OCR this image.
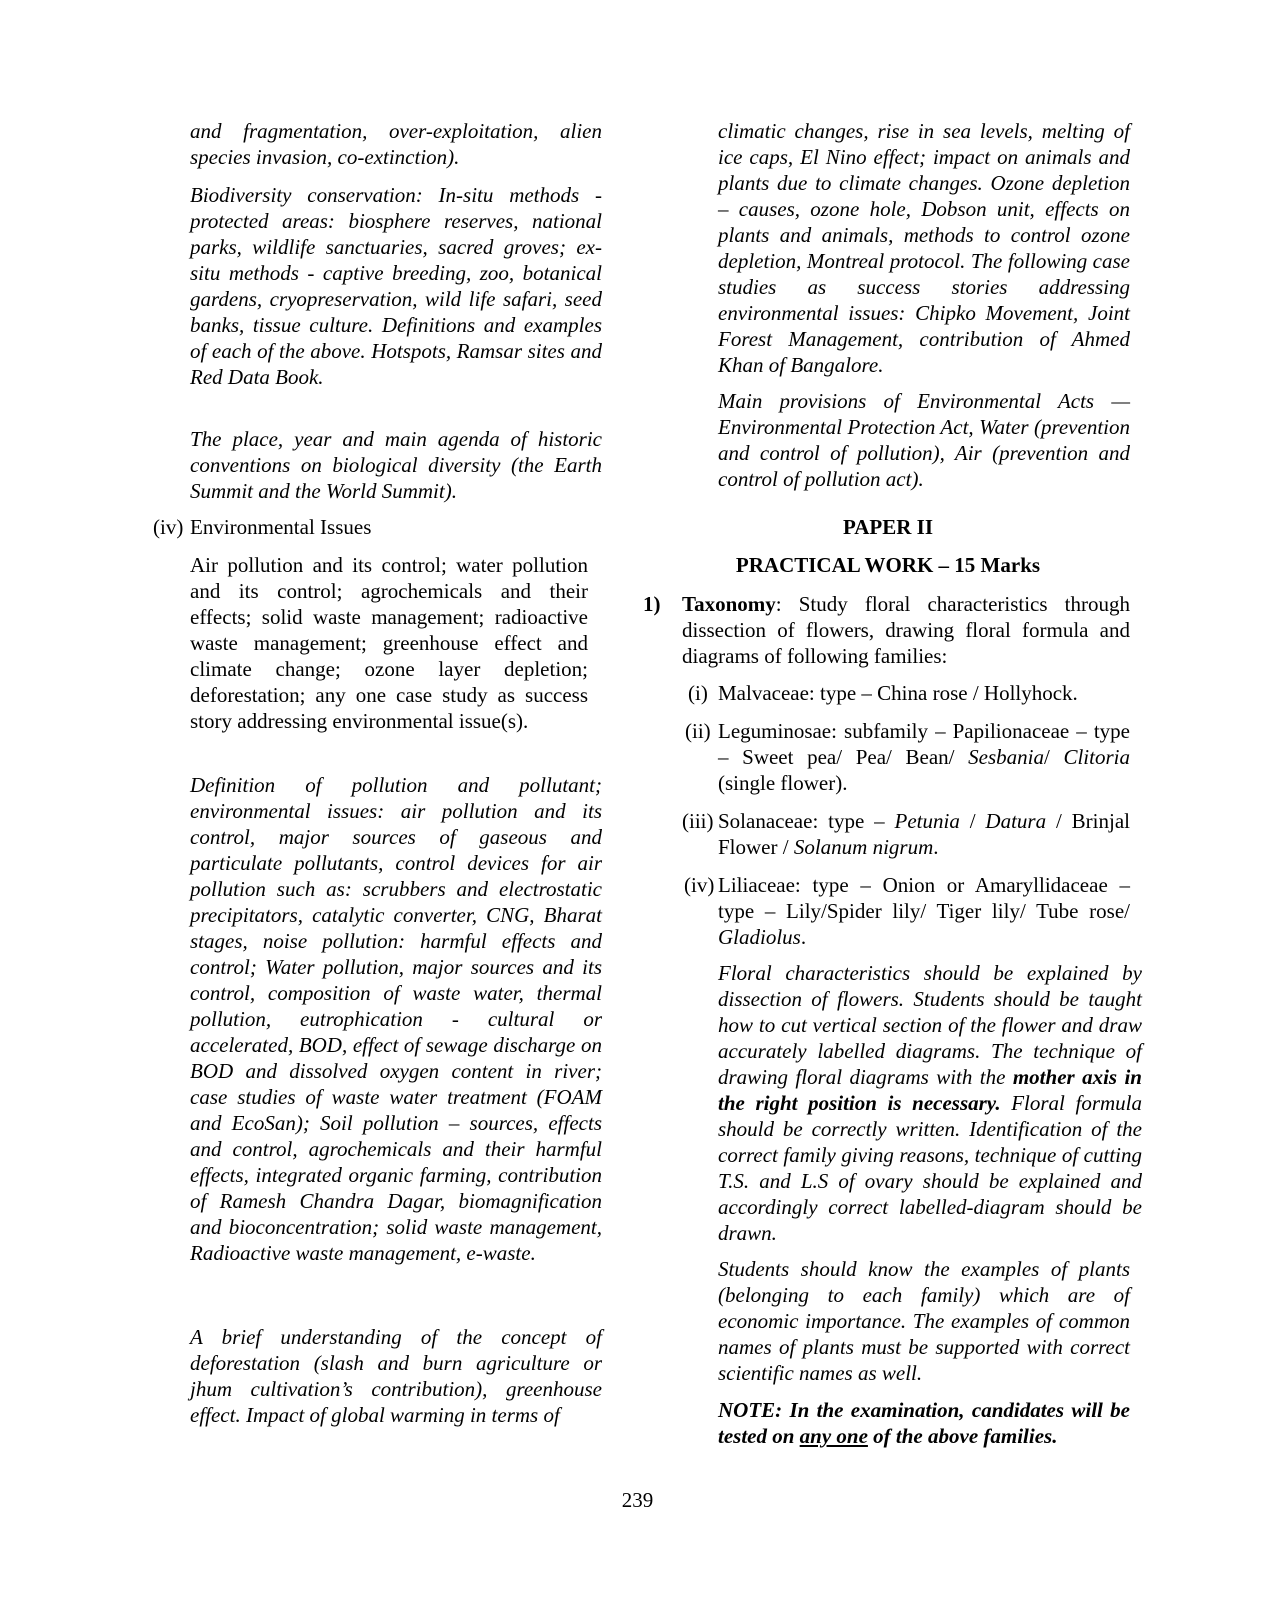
and fragmentation, over-exploitation, alien species invasion, co-extinction).
Biodiversity conservation: In-situ methods - protected areas: biosphere reserves, national parks, wildlife sanctuaries, sacred groves; ex-situ methods - captive breeding, zoo, botanical gardens, cryopreservation, wild life safari, seed banks, tissue culture. Definitions and examples of each of the above. Hotspots, Ramsar sites and Red Data Book.
The place, year and main agenda of historic conventions on biological diversity (the Earth Summit and the World Summit).
(iv) Environmental Issues
Air pollution and its control; water pollution and its control; agrochemicals and their effects; solid waste management; radioactive waste management; greenhouse effect and climate change; ozone layer depletion; deforestation; any one case study as success story addressing environmental issue(s).
Definition of pollution and pollutant; environmental issues: air pollution and its control, major sources of gaseous and particulate pollutants, control devices for air pollution such as: scrubbers and electrostatic precipitators, catalytic converter, CNG, Bharat stages, noise pollution: harmful effects and control; Water pollution, major sources and its control, composition of waste water, thermal pollution, eutrophication - cultural or accelerated, BOD, effect of sewage discharge on BOD and dissolved oxygen content in river; case studies of waste water treatment (FOAM and EcoSan); Soil pollution – sources, effects and control, agrochemicals and their harmful effects, integrated organic farming, contribution of Ramesh Chandra Dagar, biomagnification and bioconcentration; solid waste management, Radioactive waste management, e-waste.
A brief understanding of the concept of deforestation (slash and burn agriculture or jhum cultivation’s contribution), greenhouse effect. Impact of global warming in terms of
climatic changes, rise in sea levels, melting of ice caps, El Nino effect; impact on animals and plants due to climate changes. Ozone depletion – causes, ozone hole, Dobson unit, effects on plants and animals, methods to control ozone depletion, Montreal protocol. The following case studies as success stories addressing environmental issues: Chipko Movement, Joint Forest Management, contribution of Ahmed Khan of Bangalore.
Main provisions of Environmental Acts — Environmental Protection Act, Water (prevention and control of pollution), Air (prevention and control of pollution act).
PAPER II
PRACTICAL WORK – 15 Marks
1) Taxonomy: Study floral characteristics through dissection of flowers, drawing floral formula and diagrams of following families:
(i) Malvaceae: type – China rose / Hollyhock.
(ii) Leguminosae: subfamily – Papilionaceae – type – Sweet pea/ Pea/ Bean/ Sesbania/ Clitoria (single flower).
(iii) Solanaceae: type – Petunia / Datura / Brinjal Flower / Solanum nigrum.
(iv) Liliaceae: type – Onion or Amaryllidaceae – type – Lily/Spider lily/ Tiger lily/ Tube rose/ Gladiolus.
Floral characteristics should be explained by dissection of flowers. Students should be taught how to cut vertical section of the flower and draw accurately labelled diagrams. The technique of drawing floral diagrams with the mother axis in the right position is necessary. Floral formula should be correctly written. Identification of the correct family giving reasons, technique of cutting T.S. and L.S of ovary should be explained and accordingly correct labelled-diagram should be drawn.
Students should know the examples of plants (belonging to each family) which are of economic importance. The examples of common names of plants must be supported with correct scientific names as well.
NOTE: In the examination, candidates will be tested on any one of the above families.
239
